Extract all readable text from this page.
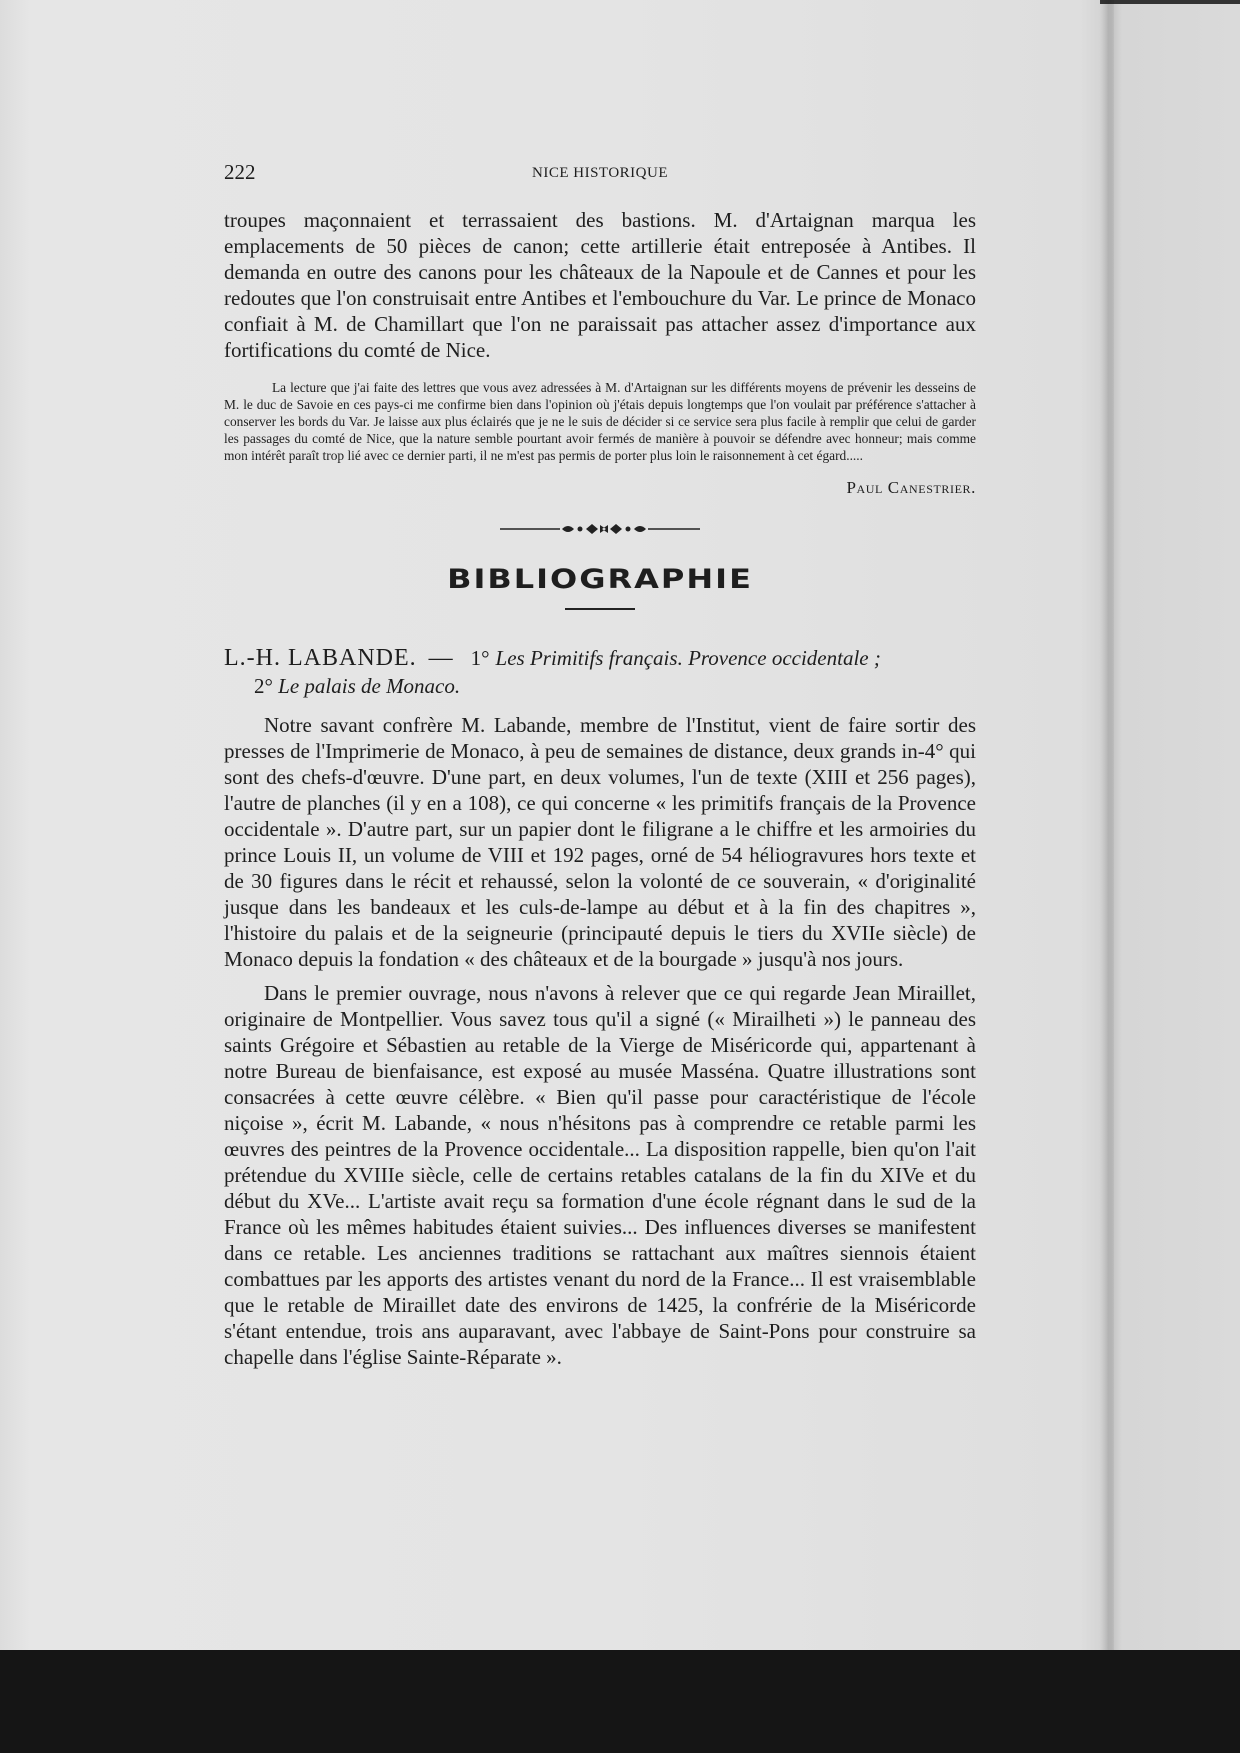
222	NICE HISTORIQUE

troupes maçonnaient et terrassaient des bastions. M. d'Artaignan marqua les emplacements de 50 pièces de canon; cette artillerie était entreposée à Antibes. Il demanda en outre des canons pour les châteaux de la Napoule et de Cannes et pour les redoutes que l'on construisait entre Antibes et l'embouchure du Var. Le prince de Monaco confiait à M. de Chamillart que l'on ne paraissait pas attacher assez d'importance aux fortifications du comté de Nice.

La lecture que j'ai faite des lettres que vous avez adressées à M. d'Artaignan sur les différents moyens de prévenir les desseins de M. le duc de Savoie en ces pays-ci me confirme bien dans l'opinion où j'étais depuis longtemps que l'on voulait par préférence s'attacher à conserver les bords du Var. Je laisse aux plus éclairés que je ne le suis de décider si ce service sera plus facile à remplir que celui de garder les passages du comté de Nice, que la nature semble pourtant avoir fermés de manière à pouvoir se défendre avec honneur; mais comme mon intérêt paraît trop lié avec ce dernier parti, il ne m'est pas permis de porter plus loin le raisonnement à cet égard.....

Paul Canestrier.
BIBLIOGRAPHIE
L.-H. LABANDE. — 1° Les Primitifs français. Provence occidentale ;
2° Le palais de Monaco.

Notre savant confrère M. Labande, membre de l'Institut, vient de faire sortir des presses de l'Imprimerie de Monaco, à peu de semaines de distance, deux grands in-4° qui sont des chefs-d'œuvre. D'une part, en deux volumes, l'un de texte (XIII et 256 pages), l'autre de planches (il y en a 108), ce qui concerne « les primitifs français de la Provence occidentale ». D'autre part, sur un papier dont le filigrane a le chiffre et les armoiries du prince Louis II, un volume de VIII et 192 pages, orné de 54 héliogravures hors texte et de 30 figures dans le récit et rehaussé, selon la volonté de ce souverain, « d'originalité jusque dans les bandeaux et les culs-de-lampe au début et à la fin des chapitres », l'histoire du palais et de la seigneurie (principauté depuis le tiers du XVIIe siècle) de Monaco depuis la fondation « des châteaux et de la bourgade » jusqu'à nos jours.

Dans le premier ouvrage, nous n'avons à relever que ce qui regarde Jean Miraillet, originaire de Montpellier. Vous savez tous qu'il a signé (« Mirailheti ») le panneau des saints Grégoire et Sébastien au retable de la Vierge de Miséricorde qui, appartenant à notre Bureau de bienfaisance, est exposé au musée Masséna. Quatre illustrations sont consacrées à cette œuvre célèbre. « Bien qu'il passe pour caractéristique de l'école niçoise », écrit M. Labande, « nous n'hésitons pas à comprendre ce retable parmi les œuvres des peintres de la Provence occidentale... La disposition rappelle, bien qu'on l'ait prétendue du XVIIIe siècle, celle de certains retables catalans de la fin du XIVe et du début du XVe... L'artiste avait reçu sa formation d'une école régnant dans le sud de la France où les mêmes habitudes étaient suivies... Des influences diverses se manifestent dans ce retable. Les anciennes traditions se rattachant aux maîtres siennois étaient combattues par les apports des artistes venant du nord de la France... Il est vraisemblable que le retable de Miraillet date des environs de 1425, la confrérie de la Miséricorde s'étant entendue, trois ans auparavant, avec l'abbaye de Saint-Pons pour construire sa chapelle dans l'église Sainte-Réparate ».
